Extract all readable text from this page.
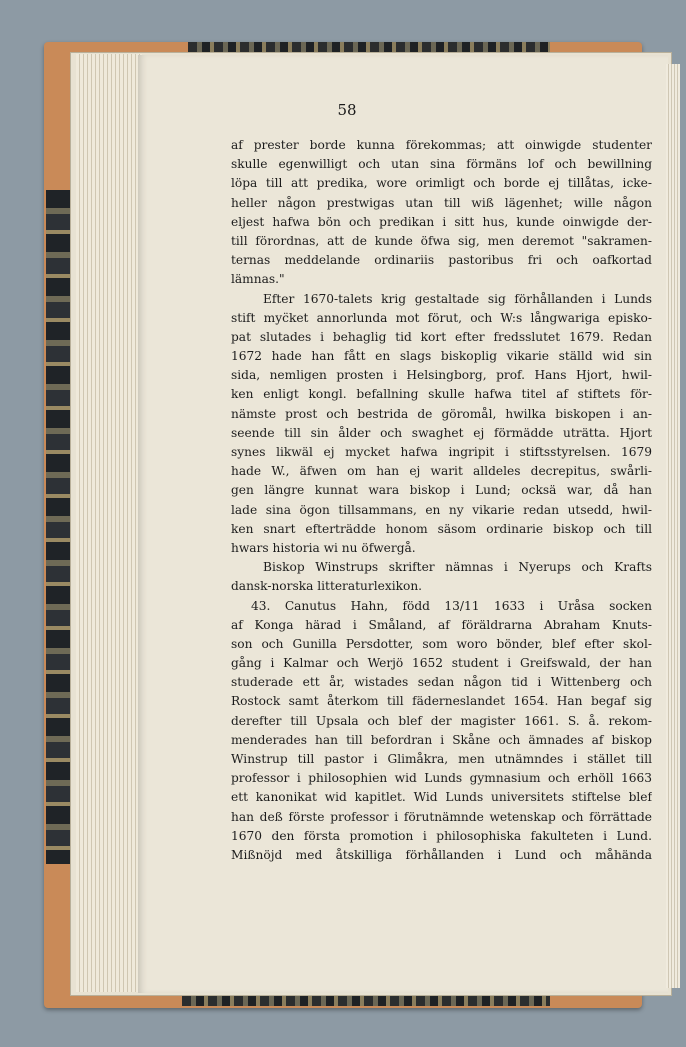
58
af prester borde kunna förekommas; att oinwigde studenter
skulle egenwilligt och utan sina förmäns lof och bewillning
löpa till att predika, wore orimligt och borde ej tillåtas, icke-
heller någon prestwigas utan till wiß lägenhet; wille någon
eljest hafwa bön och predikan i sitt hus, kunde oinwigde der-
till förordnas, att de kunde öfwa sig, men deremot "sakramen-
ternas meddelande ordinariis pastoribus fri och oafkortad
lämnas."
Efter 1670-talets krig gestaltade sig förhållanden i Lunds
stift myc̈ket annorlunda mot förut, och W:s långwariga episko-
pat slutades i behaglig tid kort efter fredsslutet 1679. Redan
1672 hade han fått en slags biskoplig vikarie ställd wid sin
sida, nemligen prosten i Helsingborg, prof. Hans Hjort, hwil-
ken enligt kongl. befallning skulle hafwa titel af stiftets för-
nämste prost och bestrida de göromål, hwilka biskopen i an-
seende till sin ålder och swaghet ej förmädde uträtta. Hjort
synes likwäl ej mycket hafwa ingripit i stiftsstyrelsen. 1679
hade W., äfwen om han ej warit alldeles decrepitus, swårli-
gen längre kunnat wara biskop i Lund; ocksä war, då han
lade sina ögon tillsammans, en ny vikarie redan utsedd, hwil-
ken snart efterträdde honom säsom ordinarie biskop och till
hwars historia wi nu öfwergå.
Biskop Winstrups skrifter nämnas i Nyerups och Krafts
dansk-norska litteraturlexikon.
43. Canutus Hahn, född 13/11 1633 i Uråsa socken
af Konga härad i Småland, af föräldrarna Abraham Knuts-
son och Gunilla Persdotter, som woro bönder, blef efter skol-
gång i Kalmar och Werjö 1652 student i Greifswald, der han
studerade ett år, wistades sedan någon tid i Wittenberg och
Rostock samt återkom till fäderneslandet 1654. Han begaf sig
derefter till Upsala och blef der magister 1661. S. å. rekom-
menderades han till befordran i Skåne och ämnades af biskop
Winstrup till pastor i Glimåkra, men utnämndes i stället till
professor i philosophien wid Lunds gymnasium och erhöll 1663
ett kanonikat wid kapitlet. Wid Lunds universitets stiftelse blef
han deß förste professor i förutnämnde wetenskap och förrättade
1670 den första promotion i philosophiska fakulteten i Lund.
Mißnöjd med åtskilliga förhållanden i Lund och måhända
